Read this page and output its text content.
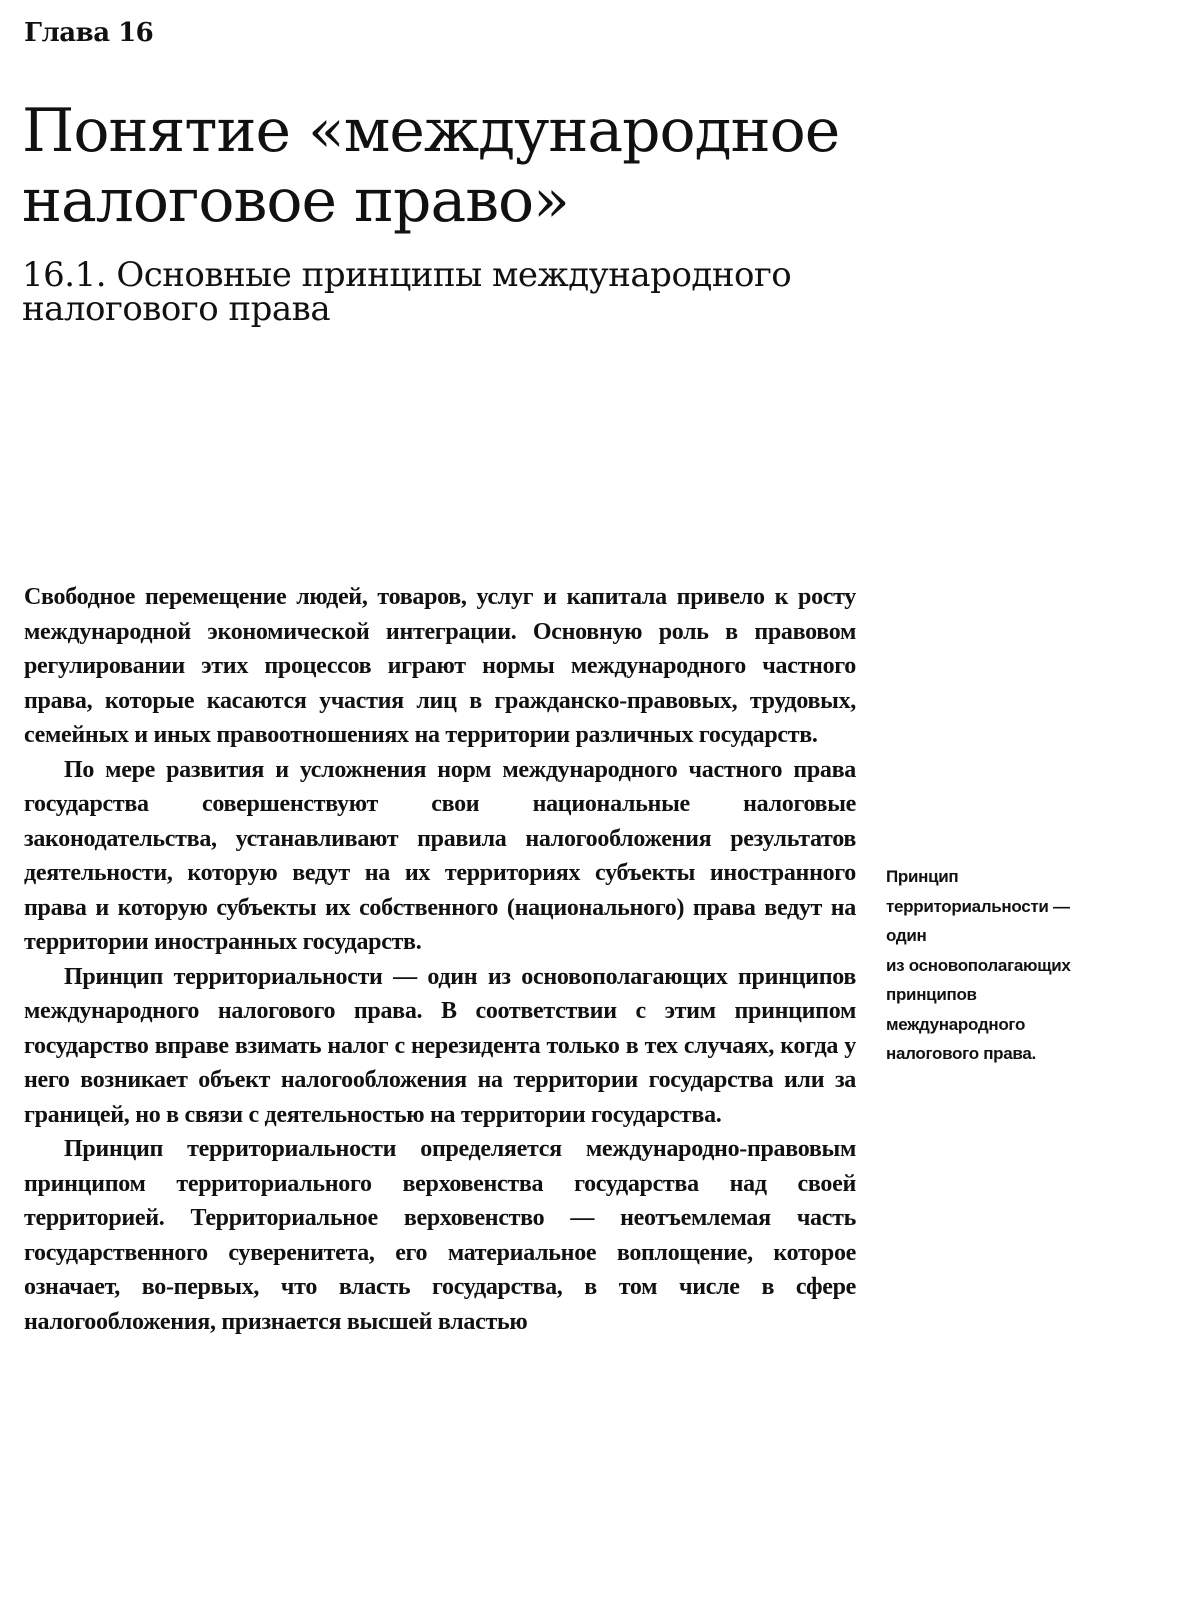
Глава 16
Понятие «международное налоговое право»
16.1. Основные принципы международного налогового права

Свободное перемещение людей, товаров, услуг и капитала привело к росту международной экономической интеграции. Основную роль в правовом регулировании этих процессов играют нормы международного частного права, которые касаются участия лиц в гражданско-правовых, трудовых, семейных и иных правоотношениях на территории различных государств.

По мере развития и усложнения норм международного частного права государства совершенствуют свои национальные налоговые законодательства, устанавливают правила налогообложения результатов деятельности, которую ведут на их территориях субъекты иностранного права и которую субъекты их собственного (национального) права ведут на территории иностранных государств.

Принцип территориальности — один из основополагающих принципов международного налогового права. В соответствии с этим принципом государство вправе взимать налог с нерезидента только в тех случаях, когда у него возникает объект налогообложения на территории государства или за границей, но в связи с деятельностью на территории государства.

Принцип территориальности определяется международно-правовым принципом территориального верховенства государства над своей территорией. Территориальное верховенство — неотъемлемая часть государственного суверенитета, его материальное воплощение, которое означает, во-первых, что власть государства, в том числе в сфере налогообложения, признается высшей властью

Принцип
территориальности —
один
из основополагающих
принципов
международного
налогового права.
